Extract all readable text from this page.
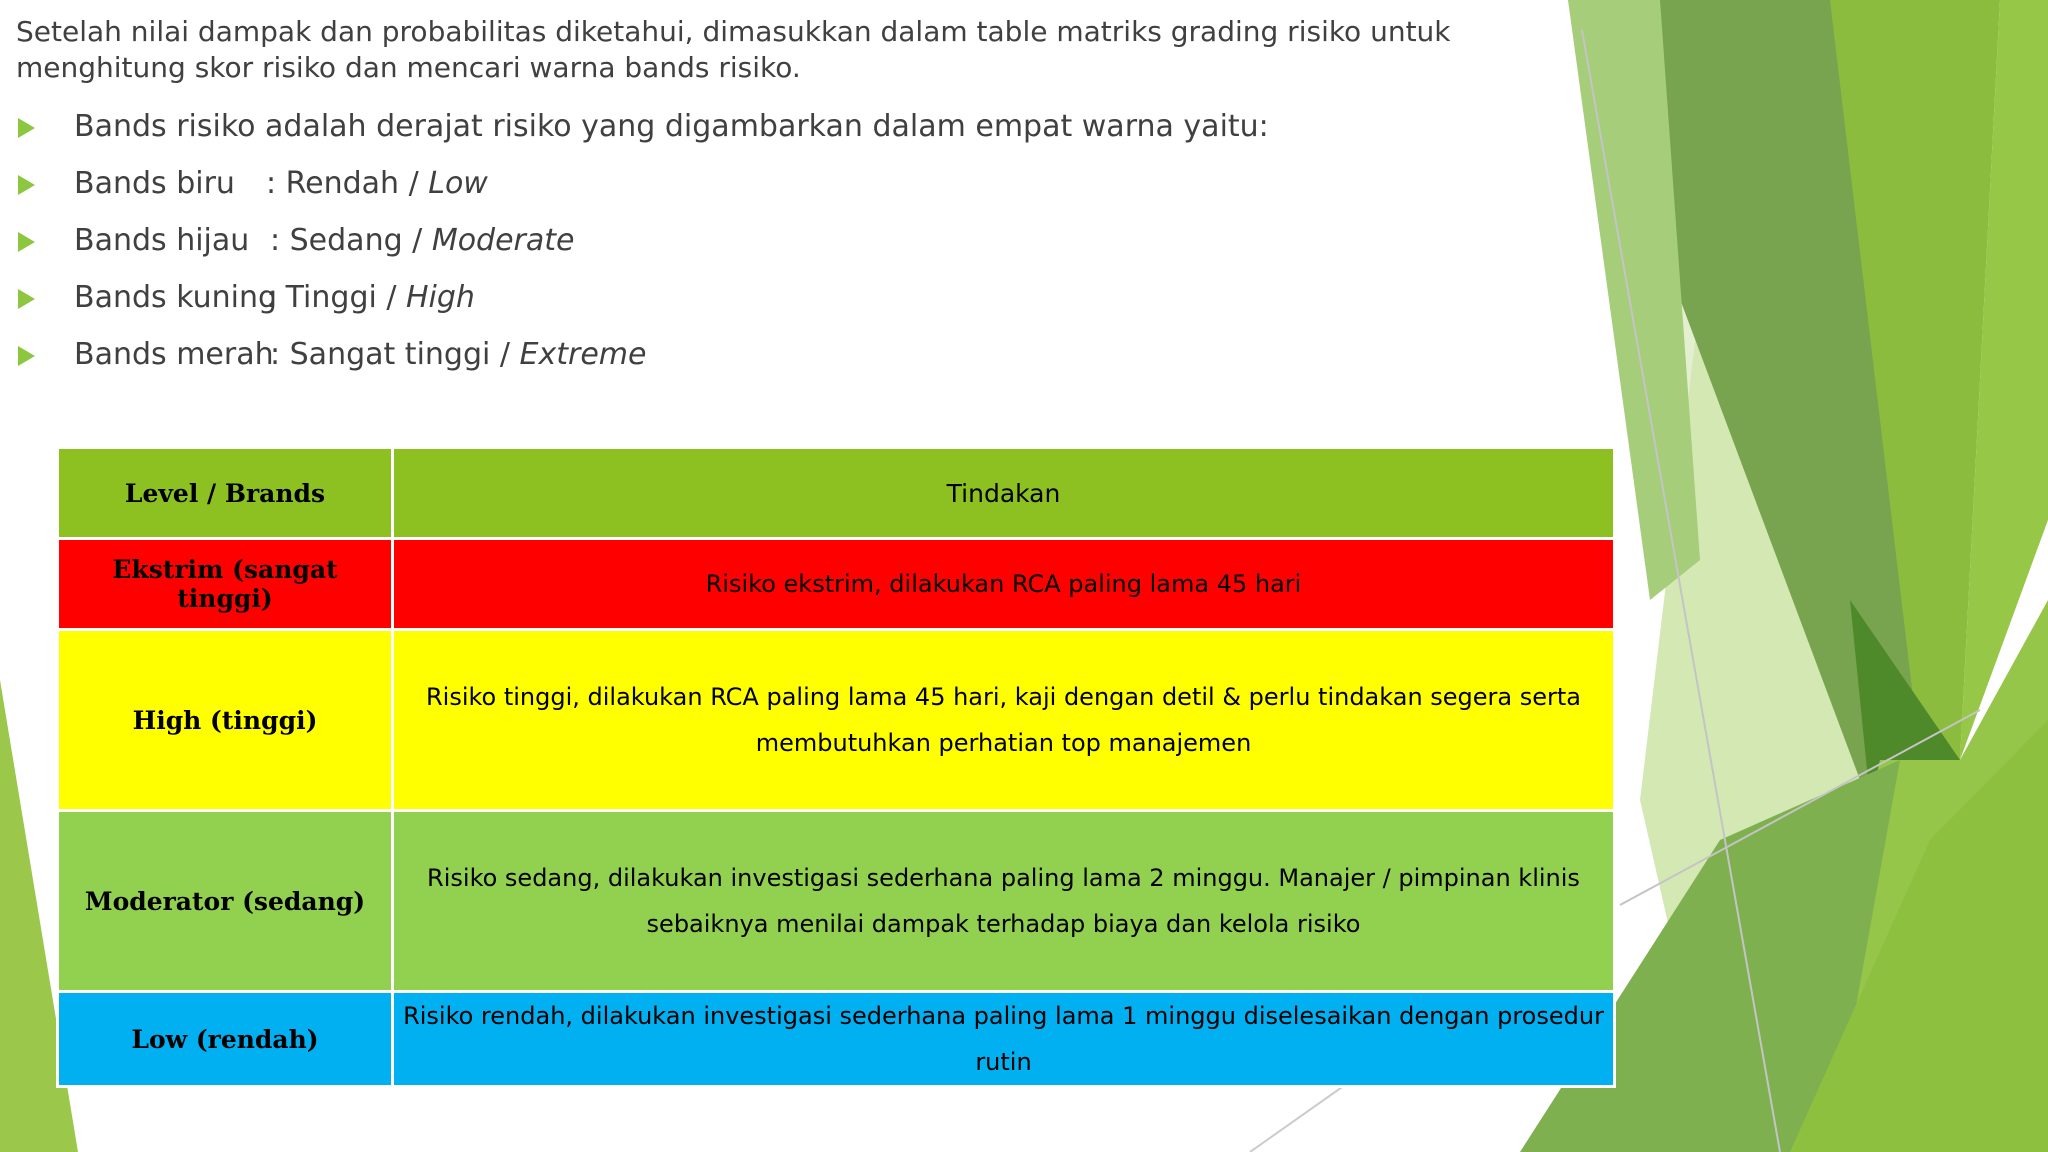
Setelah nilai dampak dan probabilitas diketahui, dimasukkan dalam table matriks grading risiko untuk menghitung skor risiko dan mencari warna bands risiko.

Bands risiko adalah derajat risiko yang digambarkan dalam empat warna yaitu:

Bands biru : Rendah / Low

Bands hijau : Sedang / Moderate

Bands kuning: Tinggi / High

Bands merah: Sangat tinggi / Extreme

Level / Brands	Tindakan
Ekstrim (sangat tinggi)	Risiko ekstrim, dilakukan RCA paling lama 45 hari
High (tinggi)	Risiko tinggi, dilakukan RCA paling lama 45 hari, kaji dengan detil & perlu tindakan segera serta membutuhkan perhatian top manajemen
Moderator (sedang)	Risiko sedang, dilakukan investigasi sederhana paling lama 2 minggu. Manajer / pimpinan klinis sebaiknya menilai dampak terhadap biaya dan kelola risiko
Low (rendah)	Risiko rendah, dilakukan investigasi sederhana paling lama 1 minggu diselesaikan dengan prosedur rutin
